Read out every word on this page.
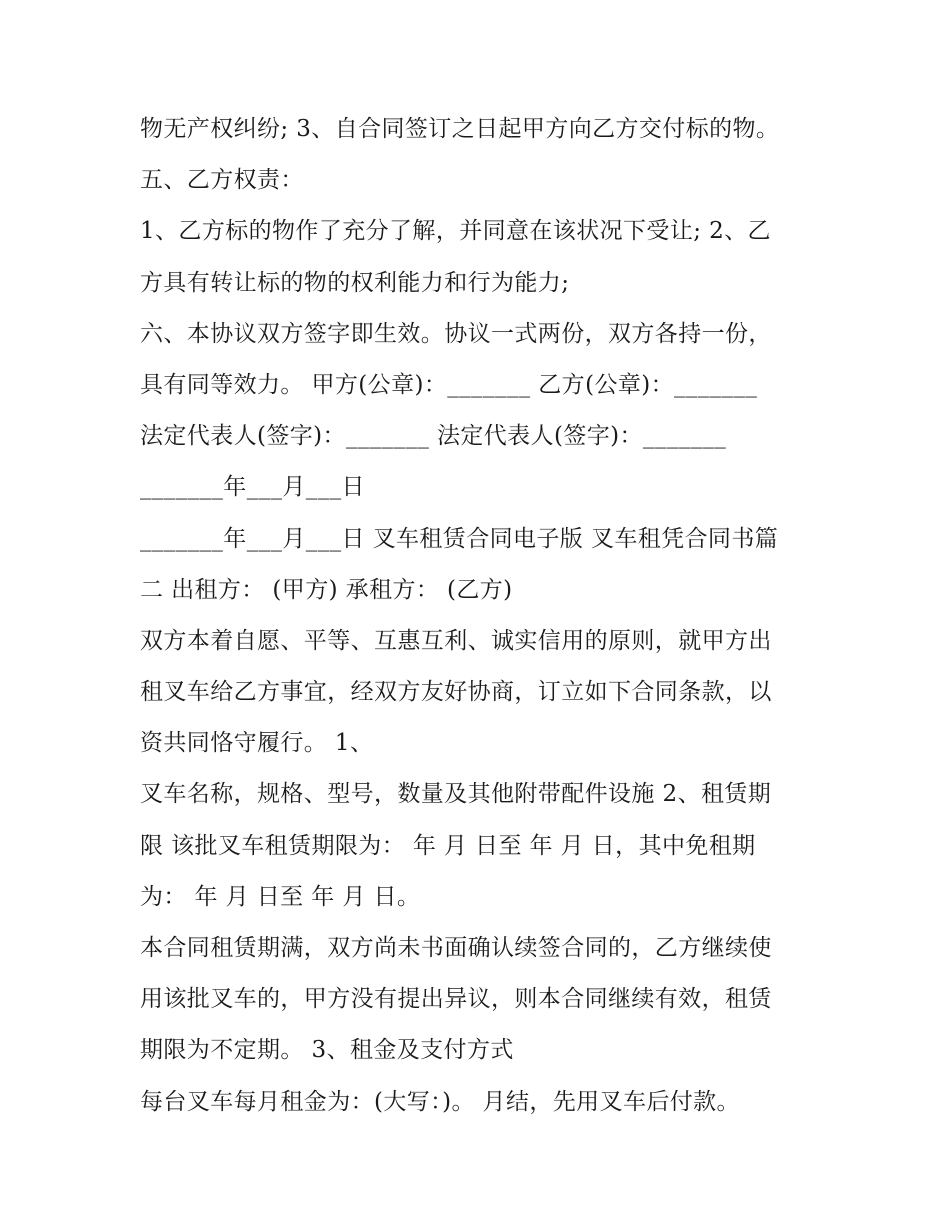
物无产权纠纷; 3、自合同签订之日起甲方向乙方交付标的物。
五、乙方权责：
1、乙方标的物作了充分了解，并同意在该状况下受让; 2、乙
方具有转让标的物的权利能力和行为能力;
六、本协议双方签字即生效。协议一式两份，双方各持一份，
具有同等效力。 甲方(公章)：_______ 乙方(公章)：_______
法定代表人(签字)：_______ 法定代表人(签字)：_______
_______年___月___日
_______年___月___日 叉车租赁合同电子版 叉车租凭合同书篇
二 出租方： (甲方) 承租方： (乙方)
双方本着自愿、平等、互惠互利、诚实信用的原则，就甲方出
租叉车给乙方事宜，经双方友好协商，订立如下合同条款，以
资共同恪守履行。 1、
叉车名称，规格、型号，数量及其他附带配件设施 2、租赁期
限 该批叉车租赁期限为： 年 月 日至 年 月 日，其中免租期
为： 年 月 日至 年 月 日。
本合同租赁期满，双方尚未书面确认续签合同的，乙方继续使
用该批叉车的，甲方没有提出异议，则本合同继续有效，租赁
期限为不定期。 3、租金及支付方式
每台叉车每月租金为：(大写：)。 月结，先用叉车后付款。
